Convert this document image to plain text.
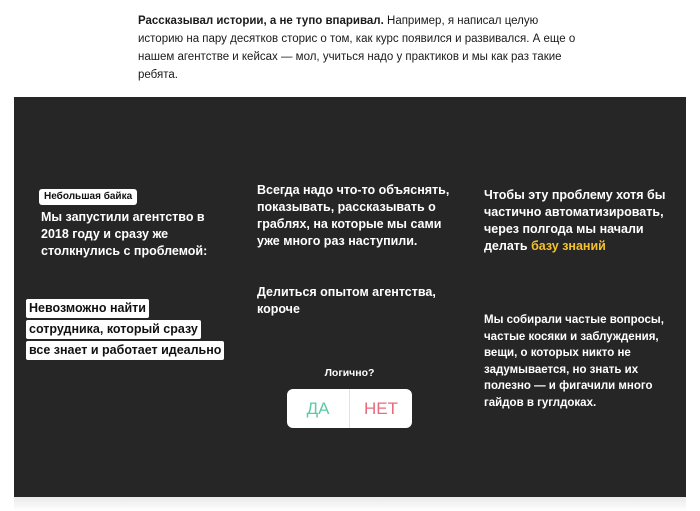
Рассказывал истории, а не тупо впаривал. Например, я написал целую историю на пару десятков сторис о том, как курс появился и развивался. А еще о нашем агентстве и кейсах — мол, учиться надо у практиков и мы как раз такие ребята.

Небольшая байка
Мы запустили агентство в 2018 году и сразу же столкнулись с проблемой:
Невозможно найти
сотрудника, который сразу
все знает и работает идеально
Всегда надо что-то объяснять, показывать, рассказывать о граблях, на которые мы сами уже много раз наступили.
Делиться опытом агентства, короче
Чтобы эту проблему хотя бы частично автоматизировать, через полгода мы начали делать базу знаний
Мы собирали частые вопросы, частые косяки и заблуждения, вещи, о которых никто не задумывается, но знать их полезно — и фигачили много гайдов в гуглдоках.
Логично?
ДА	НЕТ
